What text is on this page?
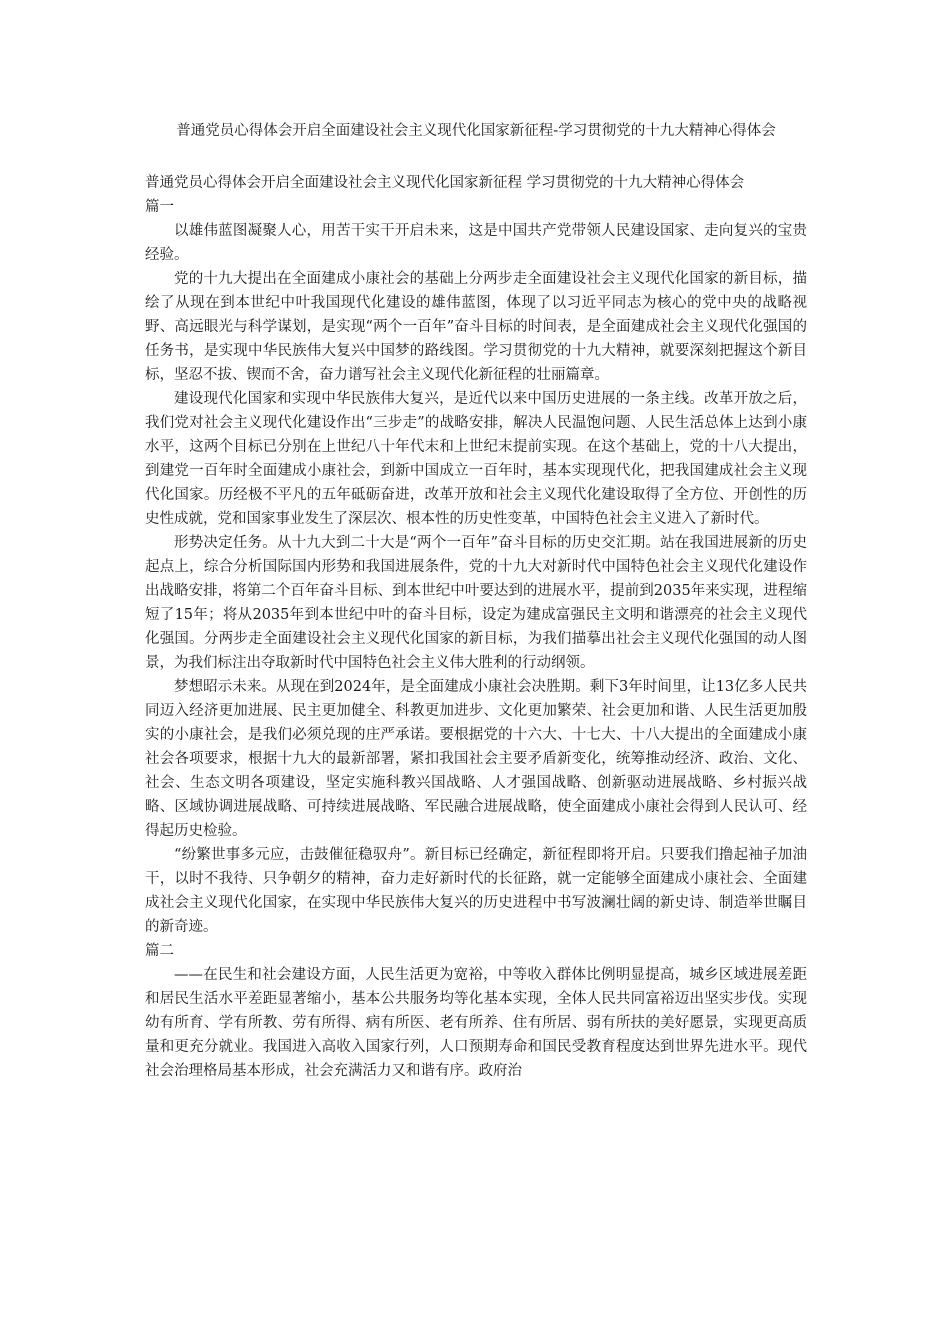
普通党员心得体会开启全面建设社会主义现代化国家新征程-学习贯彻党的十九大精神心得体会

普通党员心得体会开启全面建设社会主义现代化国家新征程 学习贯彻党的十九大精神心得体会

篇一

以雄伟蓝图凝聚人心，用苦干实干开启未来，这是中国共产党带领人民建设国家、走向复兴的宝贵经验。

党的十九大提出在全面建成小康社会的基础上分两步走全面建设社会主义现代化国家的新目标，描绘了从现在到本世纪中叶我国现代化建设的雄伟蓝图，体现了以习近平同志为核心的党中央的战略视野、高远眼光与科学谋划，是实现“两个一百年”奋斗目标的时间表，是全面建成社会主义现代化强国的任务书，是实现中华民族伟大复兴中国梦的路线图。学习贯彻党的十九大精神，就要深刻把握这个新目标，坚忍不拔、锲而不舍，奋力谱写社会主义现代化新征程的壮丽篇章。

建设现代化国家和实现中华民族伟大复兴，是近代以来中国历史进展的一条主线。改革开放之后，我们党对社会主义现代化建设作出“三步走”的战略安排，解决人民温饱问题、人民生活总体上达到小康水平，这两个目标已分别在上世纪八十年代末和上世纪末提前实现。在这个基础上，党的十八大提出，到建党一百年时全面建成小康社会，到新中国成立一百年时，基本实现现代化，把我国建成社会主义现代化国家。历经极不平凡的五年砥砺奋进，改革开放和社会主义现代化建设取得了全方位、开创性的历史性成就，党和国家事业发生了深层次、根本性的历史性变革，中国特色社会主义进入了新时代。

形势决定任务。从十九大到二十大是“两个一百年”奋斗目标的历史交汇期。站在我国进展新的历史起点上，综合分析国际国内形势和我国进展条件，党的十九大对新时代中国特色社会主义现代化建设作出战略安排，将第二个百年奋斗目标、到本世纪中叶要达到的进展水平，提前到2035年来实现，进程缩短了15年；将从2035年到本世纪中叶的奋斗目标，设定为建成富强民主文明和谐漂亮的社会主义现代化强国。分两步走全面建设社会主义现代化国家的新目标，为我们描摹出社会主义现代化强国的动人图景，为我们标注出夺取新时代中国特色社会主义伟大胜利的行动纲领。

梦想昭示未来。从现在到2024年，是全面建成小康社会决胜期。剩下3年时间里，让13亿多人民共同迈入经济更加进展、民主更加健全、科教更加进步、文化更加繁荣、社会更加和谐、人民生活更加殷实的小康社会，是我们必须兑现的庄严承诺。要根据党的十六大、十七大、十八大提出的全面建成小康社会各项要求，根据十九大的最新部署，紧扣我国社会主要矛盾新变化，统筹推动经济、政治、文化、社会、生态文明各项建设，坚定实施科教兴国战略、人才强国战略、创新驱动进展战略、乡村振兴战略、区域协调进展战略、可持续进展战略、军民融合进展战略，使全面建成小康社会得到人民认可、经得起历史检验。

“纷繁世事多元应，击鼓催征稳驭舟”。新目标已经确定，新征程即将开启。只要我们撸起袖子加油干，以时不我待、只争朝夕的精神，奋力走好新时代的长征路，就一定能够全面建成小康社会、全面建成社会主义现代化国家，在实现中华民族伟大复兴的历史进程中书写波澜壮阔的新史诗、制造举世瞩目的新奇迹。

篇二

——在民生和社会建设方面，人民生活更为宽裕，中等收入群体比例明显提高，城乡区域进展差距和居民生活水平差距显著缩小，基本公共服务均等化基本实现，全体人民共同富裕迈出坚实步伐。实现幼有所育、学有所教、劳有所得、病有所医、老有所养、住有所居、弱有所扶的美好愿景，实现更高质量和更充分就业。我国进入高收入国家行列，人口预期寿命和国民受教育程度达到世界先进水平。现代社会治理格局基本形成，社会充满活力又和谐有序。政府治
